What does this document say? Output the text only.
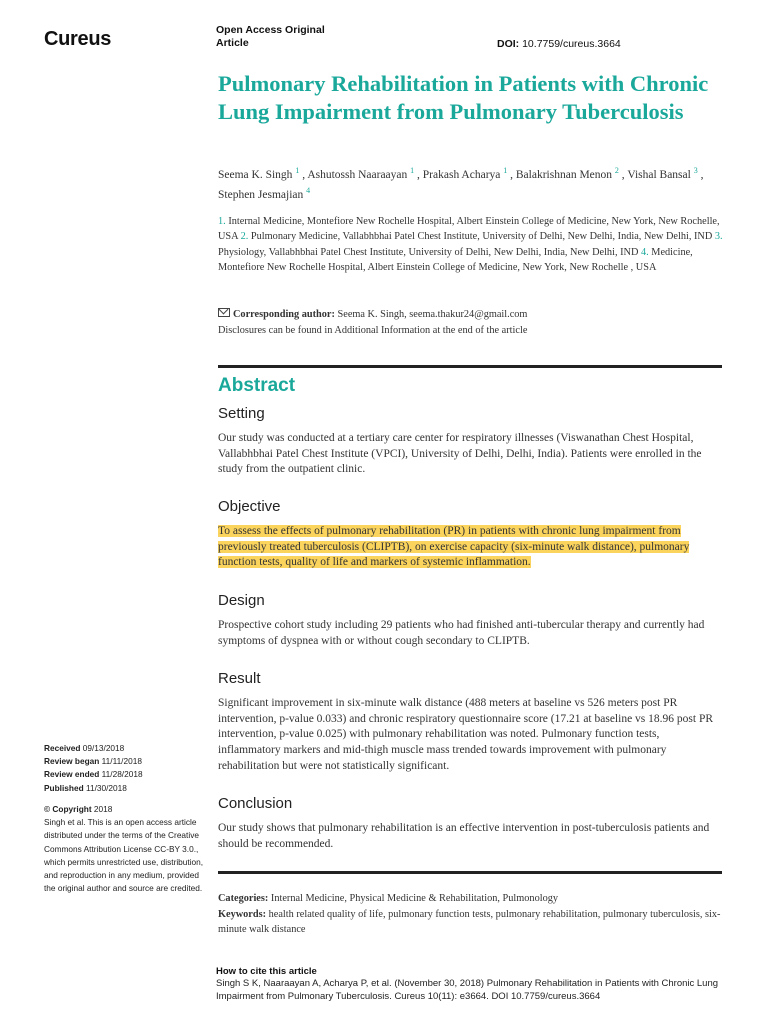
Cureus	Open Access Original
Article	DOI: 10.7759/cureus.3664
Pulmonary Rehabilitation in Patients with Chronic Lung Impairment from Pulmonary Tuberculosis
Seema K. Singh $^1$ , Ashutossh Naaraayan $^1$ , Prakash Acharya $^1$ , Balakrishnan Menon $^2$ , Vishal Bansal $^3$ , Stephen Jesmajian $^4$
1. Internal Medicine, Montefiore New Rochelle Hospital, Albert Einstein College of Medicine, New York, New Rochelle, USA 2. Pulmonary Medicine, Vallabhbhai Patel Chest Institute, University of Delhi, New Delhi, India, New Delhi, IND 3. Physiology, Vallabhbhai Patel Chest Institute, University of Delhi, New Delhi, India, New Delhi, IND 4. Medicine, Montefiore New Rochelle Hospital, Albert Einstein College of Medicine, New York, New Rochelle , USA
Corresponding author: Seema K. Singh, seema.thakur24@gmail.com
Disclosures can be found in Additional Information at the end of the article
Abstract
Setting
Our study was conducted at a tertiary care center for respiratory illnesses (Viswanathan Chest Hospital, Vallabhbhai Patel Chest Institute (VPCI), University of Delhi, Delhi, India). Patients were enrolled in the study from the outpatient clinic.
Objective
To assess the effects of pulmonary rehabilitation (PR) in patients with chronic lung impairment from previously treated tuberculosis (CLIPTB), on exercise capacity (six-minute walk distance), pulmonary function tests, quality of life and markers of systemic inflammation.
Design
Prospective cohort study including 29 patients who had finished anti-tubercular therapy and currently had symptoms of dyspnea with or without cough secondary to CLIPTB.
Result
Significant improvement in six-minute walk distance (488 meters at baseline vs 526 meters post PR intervention, p-value 0.033) and chronic respiratory questionnaire score (17.21 at baseline vs 18.96 post PR intervention, p-value 0.025) with pulmonary rehabilitation was noted. Pulmonary function tests, inflammatory markers and mid-thigh muscle mass trended towards improvement with pulmonary rehabilitation but were not statistically significant.
Conclusion
Our study shows that pulmonary rehabilitation is an effective intervention in post-tuberculosis patients and should be recommended.
Received 09/13/2018
Review began 11/11/2018
Review ended 11/28/2018
Published 11/30/2018
© Copyright 2018
Singh et al. This is an open access article distributed under the terms of the Creative Commons Attribution License CC-BY 3.0., which permits unrestricted use, distribution, and reproduction in any medium, provided the original author and source are credited.
Categories: Internal Medicine, Physical Medicine & Rehabilitation, Pulmonology
Keywords: health related quality of life, pulmonary function tests, pulmonary rehabilitation, pulmonary tuberculosis, six-minute walk distance
How to cite this article
Singh S K, Naaraayan A, Acharya P, et al. (November 30, 2018) Pulmonary Rehabilitation in Patients with Chronic Lung Impairment from Pulmonary Tuberculosis. Cureus 10(11): e3664. DOI 10.7759/cureus.3664
